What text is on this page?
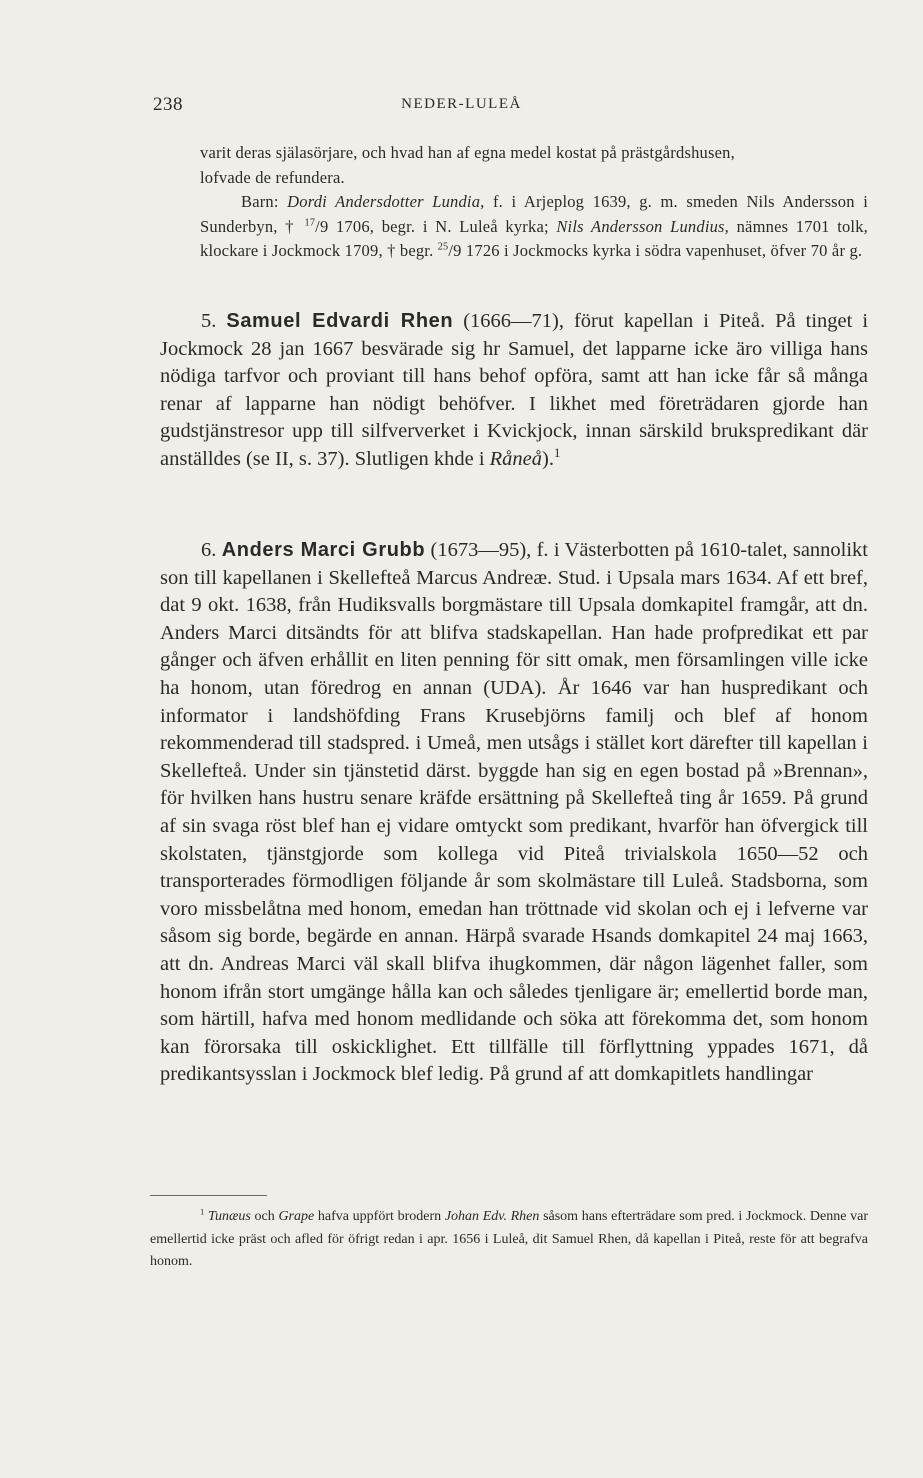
238	NEDER-LULEÅ

varit deras själasörjare, och hvad han af egna medel kostat på prästgårdshusen,

lofvade de refundera.

Barn: Dordi Andersdotter Lundia, f. i Arjeplog 1639, g. m. smeden Nils Andersson i Sunderbyn, † $^{17}$/9 1706, begr. i N. Luleå kyrka; Nils Andersson Lundius, nämnes 1701 tolk, klockare i Jockmock 1709, † begr. $^{25}$/9 1726 i Jockmocks kyrka i södra vapenhuset, öfver 70 år g.

5. Samuel Edvardi Rhen (1666—71), förut kapellan i Piteå. På tinget i Jockmock 28 jan 1667 besvärade sig hr Samuel, det lapparne icke äro villiga hans nödiga tarfvor och proviant till hans behof opföra, samt att han icke får så många renar af lapparne han nödigt behöfver. I likhet med företrädaren gjorde han gudstjänstresor upp till silfververket i Kvickjock, innan särskild brukspredikant där anställdes (se II, s. 37). Slutligen khde i Råneå).$^1$

6. Anders Marci Grubb (1673—95), f. i Västerbotten på 1610-talet, sannolikt son till kapellanen i Skellefteå Marcus Andreæ. Stud. i Upsala mars 1634. Af ett bref, dat 9 okt. 1638, från Hudiksvalls borgmästare till Upsala domkapitel framgår, att dn. Anders Marci ditsändts för att blifva stadskapellan. Han hade profpredikat ett par gånger och äfven erhållit en liten penning för sitt omak, men församlingen ville icke ha honom, utan föredrog en annan (UDA). År 1646 var han huspredikant och informator i landshöfding Frans Krusebjörns familj och blef af honom rekommenderad till stadspred. i Umeå, men utsågs i stället kort därefter till kapellan i Skellefteå. Under sin tjänstetid därst. byggde han sig en egen bostad på »Brennan», för hvilken hans hustru senare kräfde ersättning på Skellefteå ting år 1659. På grund af sin svaga röst blef han ej vidare omtyckt som predikant, hvarför han öfvergick till skolstaten, tjänstgjorde som kollega vid Piteå trivialskola 1650—52 och transporterades förmodligen följande år som skolmästare till Luleå. Stadsborna, som voro missbelåtna med honom, emedan han tröttnade vid skolan och ej i lefverne var såsom sig borde, begärde en annan. Härpå svarade Hsands domkapitel 24 maj 1663, att dn. Andreas Marci väl skall blifva ihugkommen, där någon lägenhet faller, som honom ifrån stort umgänge hålla kan och således tjenligare är; emellertid borde man, som härtill, hafva med honom medlidande och söka att förekomma det, som honom kan förorsaka till oskicklighet. Ett tillfälle till förflyttning yppades 1671, då predikantsysslan i Jockmock blef ledig. På grund af att domkapitlets handlingar

$^1$ Tunæus och Grape hafva uppfört brodern Johan Edv. Rhen såsom hans efterträdare som pred. i Jockmock. Denne var emellertid icke präst och afled för öfrigt redan i apr. 1656 i Luleå, dit Samuel Rhen, då kapellan i Piteå, reste för att begrafva honom.
